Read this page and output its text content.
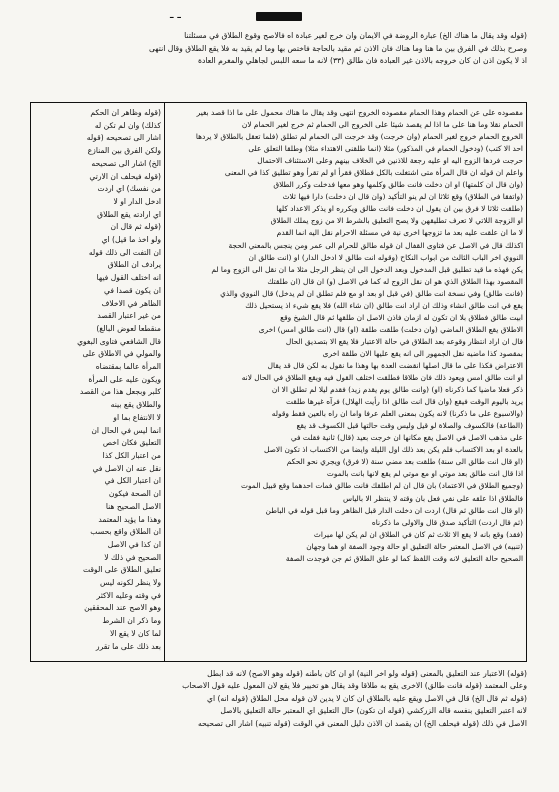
ـ ـ

(قوله وقد يقال ما هناك الخ) عبارة الروضة في الايمان وان خرج لغير عبادة اه فالاصح وقوع الطلاق في مسئلتنا

وصرح بذلك في الفرق بين ما هنا وما هناك فان الاذن ثم مقيد بالحاجة فاختص بها وما لم يقيد به فلا يقع الطلاق وقال انتهى

اذ لا يكون اذن ان كان خروجه بالاذن غير العبادة فان طالق (٣٣) لانه ما سعه اللبس لجاهلي والمغرم العادة

مقصوده على عن الحمام وهذا الحمام مقصوده الخروج انتهى وقد يقال ما هناك محمول على ما اذا قصد بغير

الحمام نقلا وما هنا على ما اذا لم يقصد شيئا على الخروج الى الحمام ثم خرج لغير الحمام لان

الخروج الحمام خروج لغير الحمام (وان خرجت) وقد خرجت الى الحمام لم تطلق (فلما تعقل بالطلاق لا يردها

احد الا كتب) (ودخول الحمام في المذكور) مثلا (انما طلقنى الاهتداء مثلا) وطلقا التعلق على

حرجت فردها الزوج اليه او عليه رجعة للاذنين في الخلاف بينهم وعلى الاستئناف الاحتمال

واعلم ان قوله ان قال المرأة متى اشتغلت بالكل فطلاق فقرأ او لم تقرأ وهو تطليق كذا في المعنى

(وان قال ان كلمتها) او ان دخلت فانت طالق وكلمها وهو معها فدخلت وكرر الطلاق

(واتفقا في الطلاق) وقع ثلاثا ان لم ينو التأكيد (وان قال ان دخلت) دارا فيها ثلاث

(طلقت ثلاثا لا فرق بين ان يقول ان دخلت فانت طالق ويكرره او يذكر الاعداد كلها

او الزوجة اللاتي لا تعرف تطليقهن ولا يصح التعليق بالشرط الا من زوج يملك الطلاق

لا ما ان علقت عليه بعد ما تزوجها اخرى نية في مسئلة الاحرام نقل اليه انما القدم

اكذلك قال في الاصل عن فتاوى القفال ان قوله طالق للحرام الى عمر ومن ينجس بالمعني الحجة

النووي اخر الباب الثالث من ابواب النكاح (وقوله انت طالق لا ادخل الدار) او (انت طالق ان

يكن فهذه ما قيد تطليق قبل المدخول وبعد الدخول الى ان ينظر الرجل مثلا ما ان نقل الى الزوج وما لم

المقصود بهذا الطلاق الذي هو ان نقل الزوج له كما في الاصل (و) ان قال (ان طلقتك

(فانت طالق) وفي نسخة انت طالق (في قبل او بعد او مع فلم تطلق ان لم يدخل) قال النووي والذي

يقع في انت طالق انشاء وذلك ان اراد انت طالق (ان شاء الله) فلا يقع شيء اذ يستحيل ذلك

ابيت طالق فطلاق بلا ان تكون له ازمان فاذن الاصل ان طلقها ثم قال الشيخ وقع

الاطلاق يقع الطلاق الماضي (وان دخلت) طلقت طلقة (او) قال (انت طالق امس) اخرى

قال ان اراد انتظار وقوعه بعد الطلاق في حالة الاعتبار فلا يقع الا بتصديق الحال

بمقصود كذا ماضيه نقل الجمهور الى انه يقع عليها الان طلقة اخرى

الاعتراض فكذا على ما قال اصلها انقضت العدة بها وهذا ما نقول به لكن قال قد يقال

او انت طالق امس ويعود ذلك فان طلاقا فطلقت اختلف القول فيه ويقع الطلاق في الحال لانه

ذكر فعلا ماضيا كما ذكرناه (او) (وانت طالق يوم يقدم زيد) فقدم ليلا لم تطلق الا ان

يريد باليوم الوقت فيقع (وان قال انت طالق اذا رأيت الهلال) فرآه غيرها طلقت

(والاسبوع على ما ذكرنا) لانه يكون بمعنى العلم عرفا واما ان راه بالعين فقط وقوله

(الطاعة) فالكسوف والصلاة لو قيل وليس وقت حالتها قبل الكسوف قد يقع

على مذهب الاصل في الاصل يقع مكانها ان خرجت بعيد (قال) ثانية فقلت في

بالعدة او بعد الاكتساب فلم يكن بعد ذلك اول الليلة وايضا من الاكتساب اذ تكون الاصل

(او قال انت طالق الى سنة) طلقت بعد مضي سنة (لا فرق) ويجري نحو الحكم

اذا قال انت طالق بعد موتي او مع موتي لم يقع لانها بانت بالموت

(وجميع الطلاق في الاعتماد) بان قال ان لم اطلقك فانت طالق فمات احدهما وقع قبيل الموت

فالطلاق اذا علقه على نفي فعل بان وقته لا ينتظر الا بالياس

(او قال انت طالق ثم قال) اردت ان دخلت الدار قبل الظاهر وما قبل قوله في الباطن

(ثم قال اردت) التأكيد صدق قال والاولى ما ذكرناه

(فقد) وقع بانه لا يقع الا ثلاث ثم كان في الطلاق ان لم يكن لها ميراث

(تنبيه) في الاصل المعتبر حالة التعليق او حالة وجود الصفة او هما وجهان

الصحيح حالة التعليق لانه وقت اللفظ كما لو علق الطلاق ثم جن فوجدت الصفة

(قوله وظاهر ان الحكم

كذلك) وان لم تكن له

اشار الى تصحيحه (قوله

ولكن الفرق بين المنازع

الخ) اشار الى تصحيحه

(قوله فيحلف ان الارتي

من نفسك) اي اردت

ادخل الدار او لا

اي ارادته يقع الطلاق

(قوله ثم قال ان

ولو اخذ ما قيل) اي

ان التفت الى ذلك قوله

يرادف ان الطلاق

انه اختلف القول فيها

ان يكون قصدا في

الظاهر في الاخلاف

من غير اعتبار القصد

منقطعا لعوض البالغ)

قال الشافعي فتاوى البغوي

والمولي في الاطلاق على

المرأة عالما بمقتضاه

ويكون عليه على المرأة

كلبر وبجعل هذا من القصد

والطلاق يقع بينه

لا الانتفاع بما او

انما ليس في الحال ان

التعليق فكان اخص

من اعتبار الكل كذا

نقل عنه ان الاصل في

ان اعتبار الكل في

ان الصحة فيكون

الاصل الصحيح هنا

وهذا ما يؤيد المعتمد

ان الطلاق واقع بحسب

ان كذا في الاصل

الصحيح في ذلك لا

تعليق الطلاق على الوقت

ولا ينظر لكونه ليس

في وقته وعليه الاكثر

وهو الاصح عند المحققين

وما ذكر ان الشرط

لما كان لا يقع الا

بعد ذلك على ما تقرر

(قوله) الاعتبار عند التعليق بالمعنى (قوله ولو اخر النية) او ان كان باطنه (قوله وهو الاصح) لانه قد ابطل

وعلى المعتمد (قوله فانت طالق) الاخرى يقع به طلاقا وقد يقال هو تخيير فلا يقع لان المعول عليه قول الاصحاب

(قوله ثم قال الخ) قال في الاصل ويقع عليه بالطلاق ان كان لا يدين لان قوله محل الطلاق (قوله انه) اي

لانه اعتبر التعليق بنفسه قاله الزركشي (قوله ان تكون) حال التعليق اي المعتبر حالة التعليق بالاصل

الاصل في ذلك (قوله فيحلف الخ) ان يقصد ان الاذن دليل المعنى في الوقت (قوله تنبيه) اشار الى تصحيحه
